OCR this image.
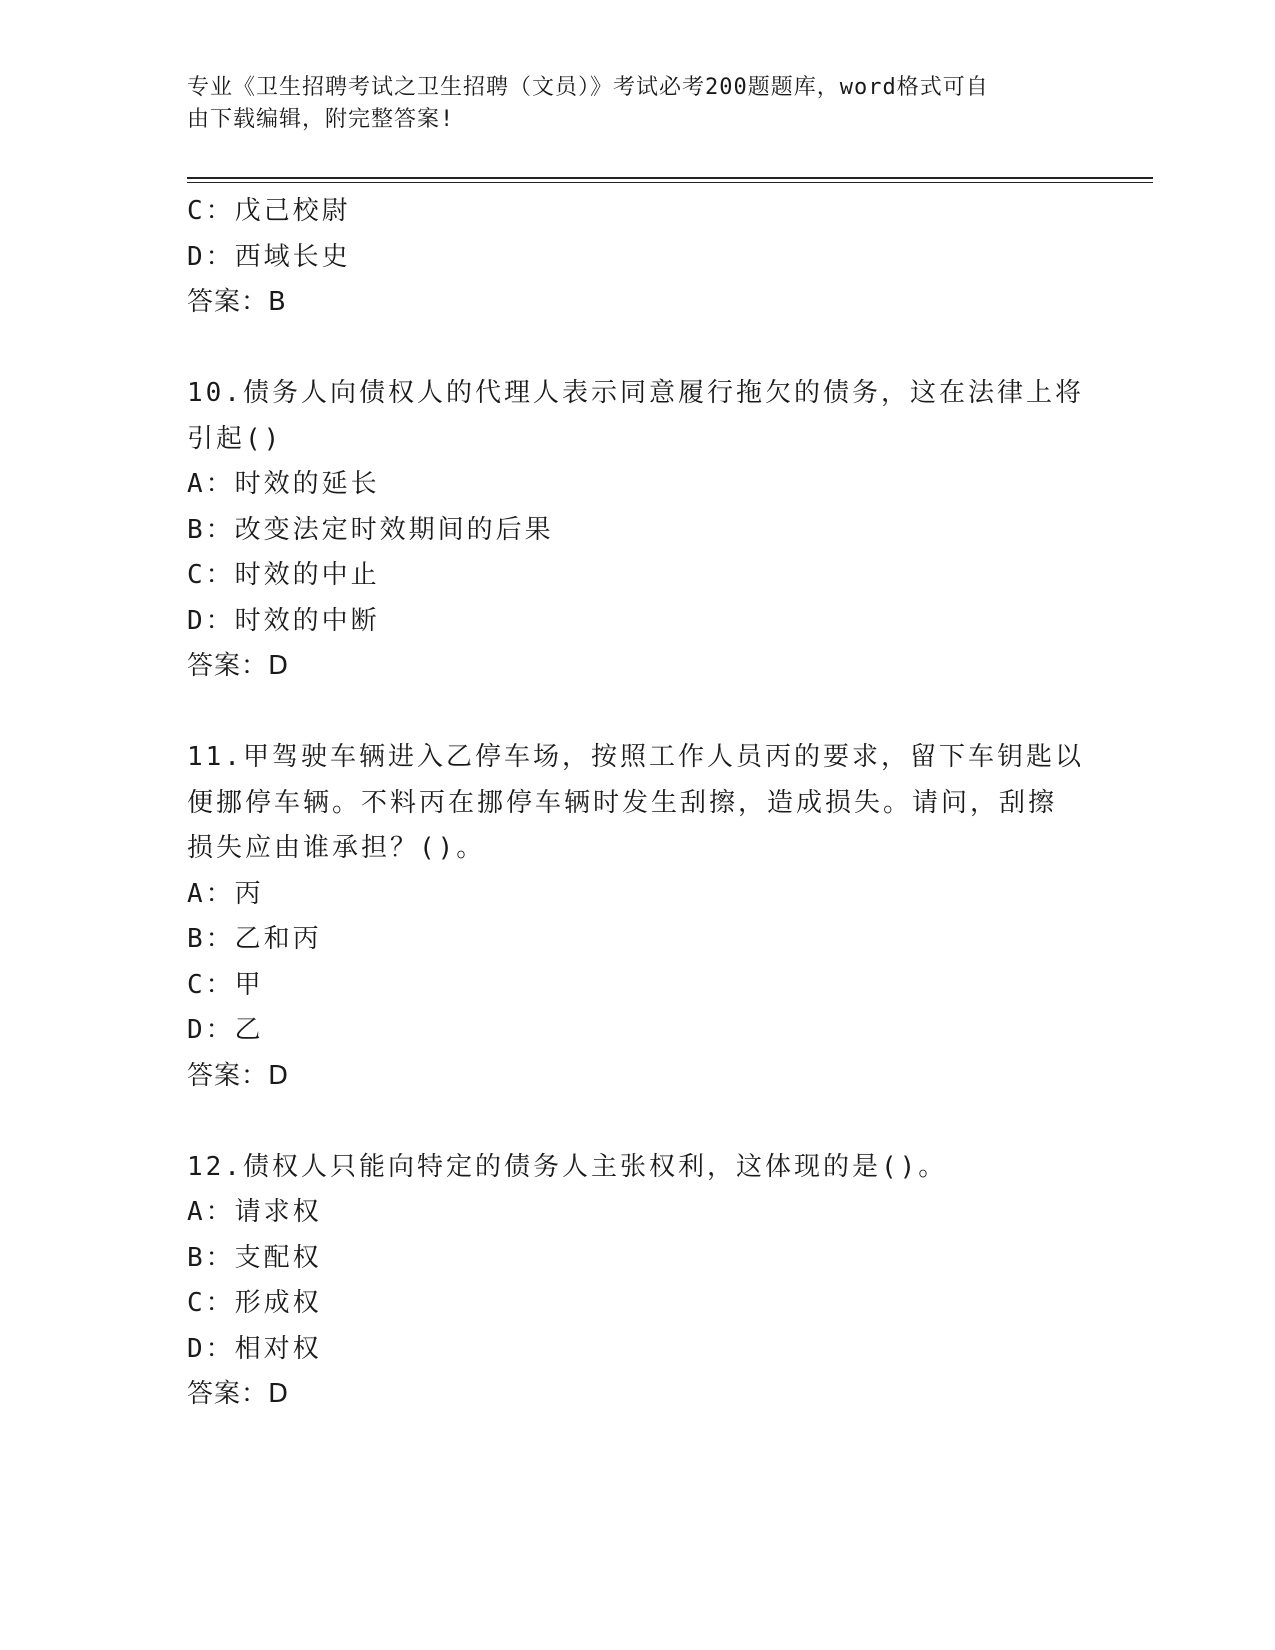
专业《卫生招聘考试之卫生招聘（文员）》考试必考200题题库，word格式可自
由下载编辑，附完整答案!
C：戊己校尉
D：西域长史
答案：B
10.债务人向债权人的代理人表示同意履行拖欠的债务，这在法律上将
引起()
A：时效的延长
B：改变法定时效期间的后果
C：时效的中止
D：时效的中断
答案：D
11.甲驾驶车辆进入乙停车场，按照工作人员丙的要求，留下车钥匙以
便挪停车辆。不料丙在挪停车辆时发生刮擦，造成损失。请问，刮擦
损失应由谁承担？()。
A：丙
B：乙和丙
C：甲
D：乙
答案：D
12.债权人只能向特定的债务人主张权利，这体现的是()。
A：请求权
B：支配权
C：形成权
D：相对权
答案：D
